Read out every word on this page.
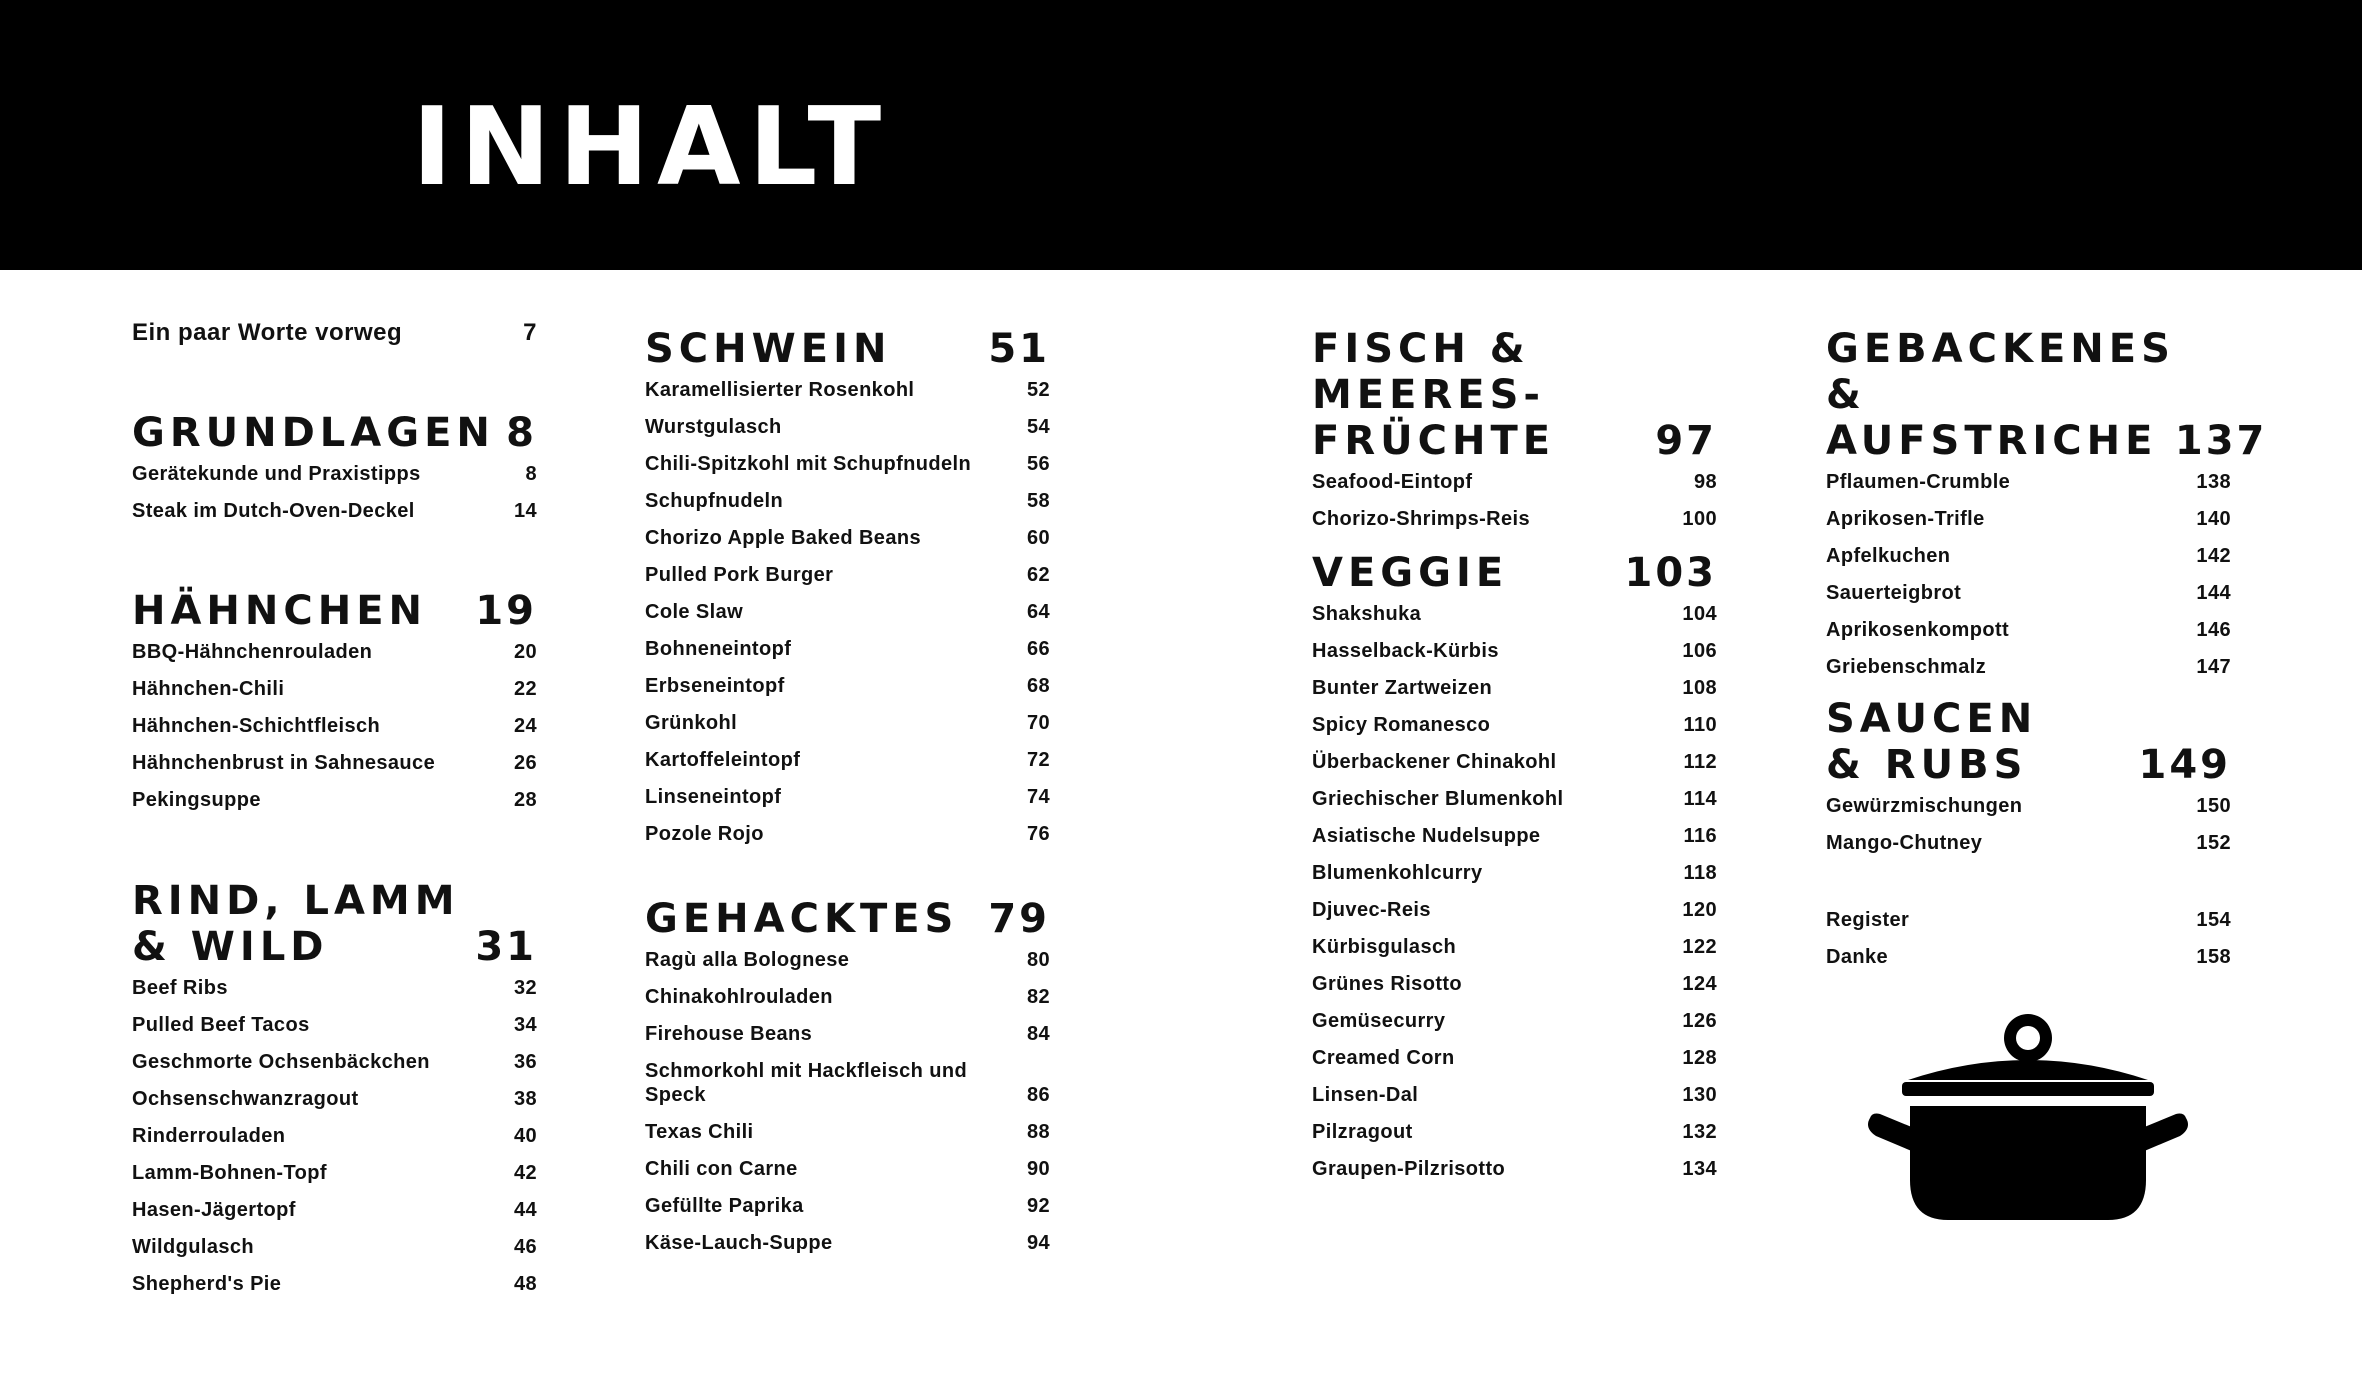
INHALT
Ein paar Worte vorweg	7
GRUNDLAGEN 8
Gerätekunde und Praxistipps	8
Steak im Dutch-Oven-Deckel	14
HÄHNCHEN 19
BBQ-Hähnchenrouladen	20
Hähnchen-Chili	22
Hähnchen-Schichtfleisch	24
Hähnchenbrust in Sahnesauce	26
Pekingsuppe	28
RIND, LAMM
& WILD	31
Beef Ribs	32
Pulled Beef Tacos	34
Geschmorte Ochsenbäckchen	36
Ochsenschwanzragout	38
Rinderrouladen	40
Lamm-Bohnen-Topf	42
Hasen-Jägertopf	44
Wildgulasch	46
Shepherd's Pie	48
SCHWEIN 51
Karamellisierter Rosenkohl	52
Wurstgulasch	54
Chili-Spitzkohl mit Schupfnudeln	56
Schupfnudeln	58
Chorizo Apple Baked Beans	60
Pulled Pork Burger	62
Cole Slaw	64
Bohneneintopf	66
Erbseneintopf	68
Grünkohl	70
Kartoffeleintopf	72
Linseneintopf	74
Pozole Rojo	76
GEHACKTES 79
Ragù alla Bolognese	80
Chinakohlrouladen	82
Firehouse Beans	84
Schmorkohl mit Hackfleisch und Speck	86
Texas Chili	88
Chili con Carne	90
Gefüllte Paprika	92
Käse-Lauch-Suppe	94
FISCH & MEERES-
FRÜCHTE	97
Seafood-Eintopf	98
Chorizo-Shrimps-Reis	100
VEGGIE	103
Shakshuka	104
Hasselback-Kürbis	106
Bunter Zartweizen	108
Spicy Romanesco	110
Überbackener Chinakohl	112
Griechischer Blumenkohl	114
Asiatische Nudelsuppe	116
Blumenkohlcurry	118
Djuvec-Reis	120
Kürbisgulasch	122
Grünes Risotto	124
Gemüsecurry	126
Creamed Corn	128
Linsen-Dal	130
Pilzragout	132
Graupen-Pilzrisotto	134
GEBACKENES &
AUFSTRICHE 137
Pflaumen-Crumble	138
Aprikosen-Trifle	140
Apfelkuchen	142
Sauerteigbrot	144
Aprikosenkompott	146
Griebenschmalz	147
SAUCEN
& RUBS	149
Gewürzmischungen	150
Mango-Chutney	152
Register	154
Danke	158
